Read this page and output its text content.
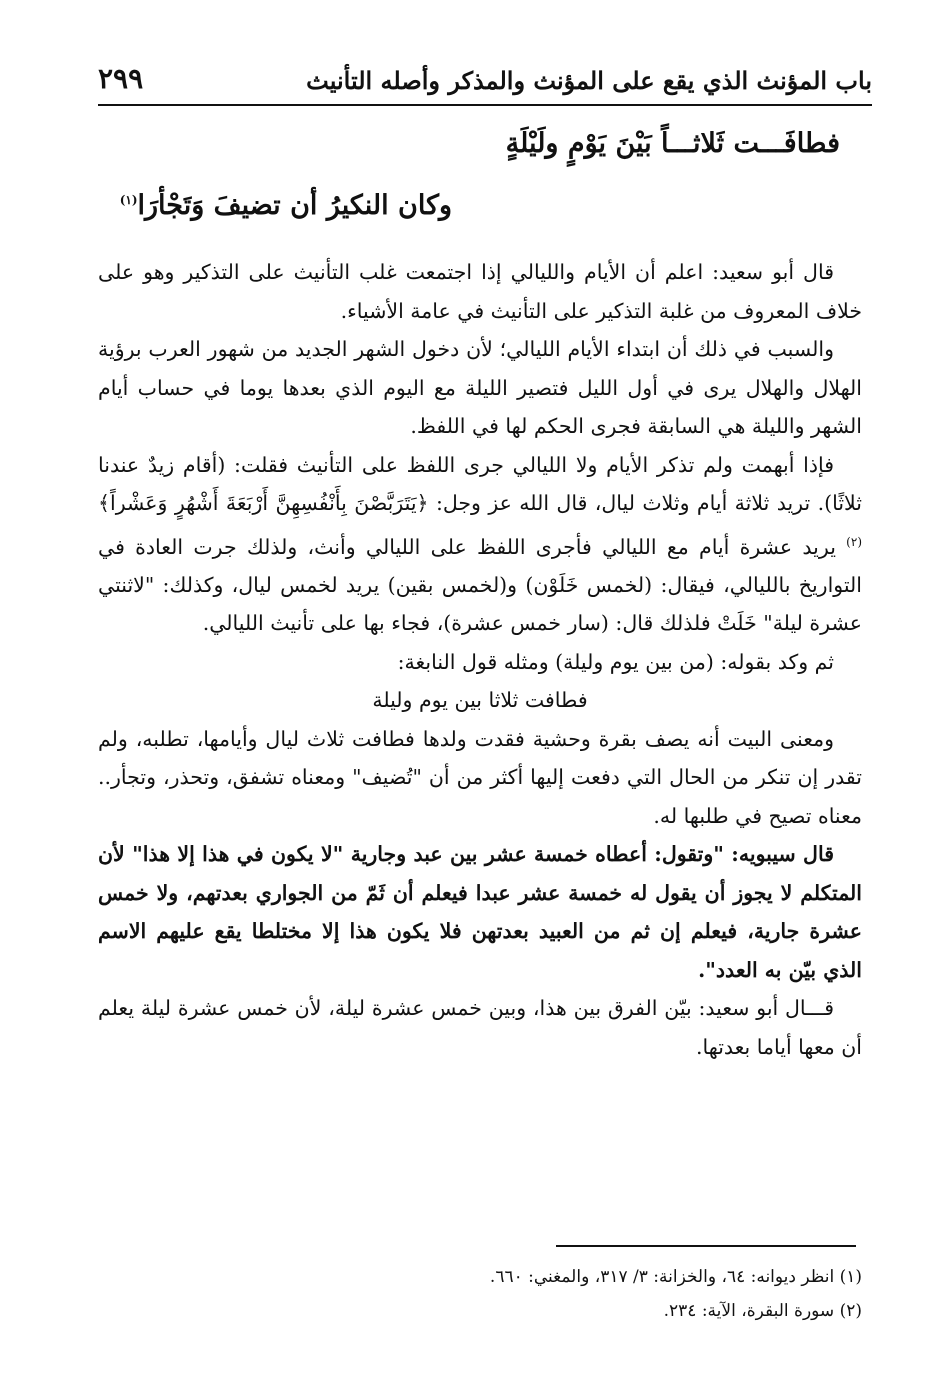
باب المؤنث الذي يقع على المؤنث والمذكر وأصله التأنيث
٢٩٩
فطافَـــت ثَلاثـــاً بَيْنَ يَوْمٍ ولَيْلَةٍ
وكان النكيرُ أن تضيفَ وَتَجْأرَا$^{(١)}$

قال أبو سعيد: اعلم أن الأيام والليالي إذا اجتمعت غلب التأنيث على التذكير وهو على خلاف المعروف من غلبة التذكير على التأنيث في عامة الأشياء.

والسبب في ذلك أن ابتداء الأيام الليالي؛ لأن دخول الشهر الجديد من شهور العرب برؤية الهلال والهلال يرى في أول الليل فتصير الليلة مع اليوم الذي بعدها يوما في حساب أيام الشهر والليلة هي السابقة فجرى الحكم لها في اللفظ.

فإذا أبهمت ولم تذكر الأيام ولا الليالي جرى اللفظ على التأنيث فقلت: (أقام زيدٌ عندنا ثلاثًا). تريد ثلاثة أيام وثلاث ليال، قال الله عز وجل: ﴿يَتَرَبَّصْنَ بِأَنْفُسِهِنَّ أَرْبَعَةَ أَشْهُرٍ وَعَشْراً﴾$^{(٢)}$ يريد عشرة أيام مع الليالي فأجرى اللفظ على الليالي وأنث، ولذلك جرت العادة في التواريخ بالليالي، فيقال: (لخمس خَلَوْن) و(لخمس بقين) يريد لخمس ليال، وكذلك: "لاثنتي عشرة ليلة" خَلَتْ فلذلك قال: (سار خمس عشرة)، فجاء بها على تأنيث الليالي.

ثم وكد بقوله: (من بين يوم وليلة) ومثله قول النابغة:

فطافت ثلاثا بين يوم وليلة

ومعنى البيت أنه يصف بقرة وحشية فقدت ولدها فطافت ثلاث ليال وأيامها، تطلبه، ولم تقدر إن تنكر من الحال التي دفعت إليها أكثر من أن "تُضيف" ومعناه تشفق، وتحذر، وتجأر.. معناه تصيح في طلبها له.

قال سيبويه: "وتقول: أعطاه خمسة عشر بين عبد وجارية "لا يكون في هذا إلا هذا" لأن المتكلم لا يجوز أن يقول له خمسة عشر عبدا فيعلم أن ثَمّ من الجواري بعدتهم، ولا خمس عشرة جارية، فيعلم إن ثم من العبيد بعدتهن فلا يكون هذا إلا مختلطا يقع عليهم الاسم الذي بيّن به العدد".

قـــال أبو سعيد: بيّن الفرق بين هذا، وبين خمس عشرة ليلة، لأن خمس عشرة ليلة يعلم أن معها أياما بعدتها.

(١) انظر ديوانه: ٦٤، والخزانة: ٣/ ٣١٧، والمغني: ٦٦٠.

(٢) سورة البقرة، الآية: ٢٣٤.
